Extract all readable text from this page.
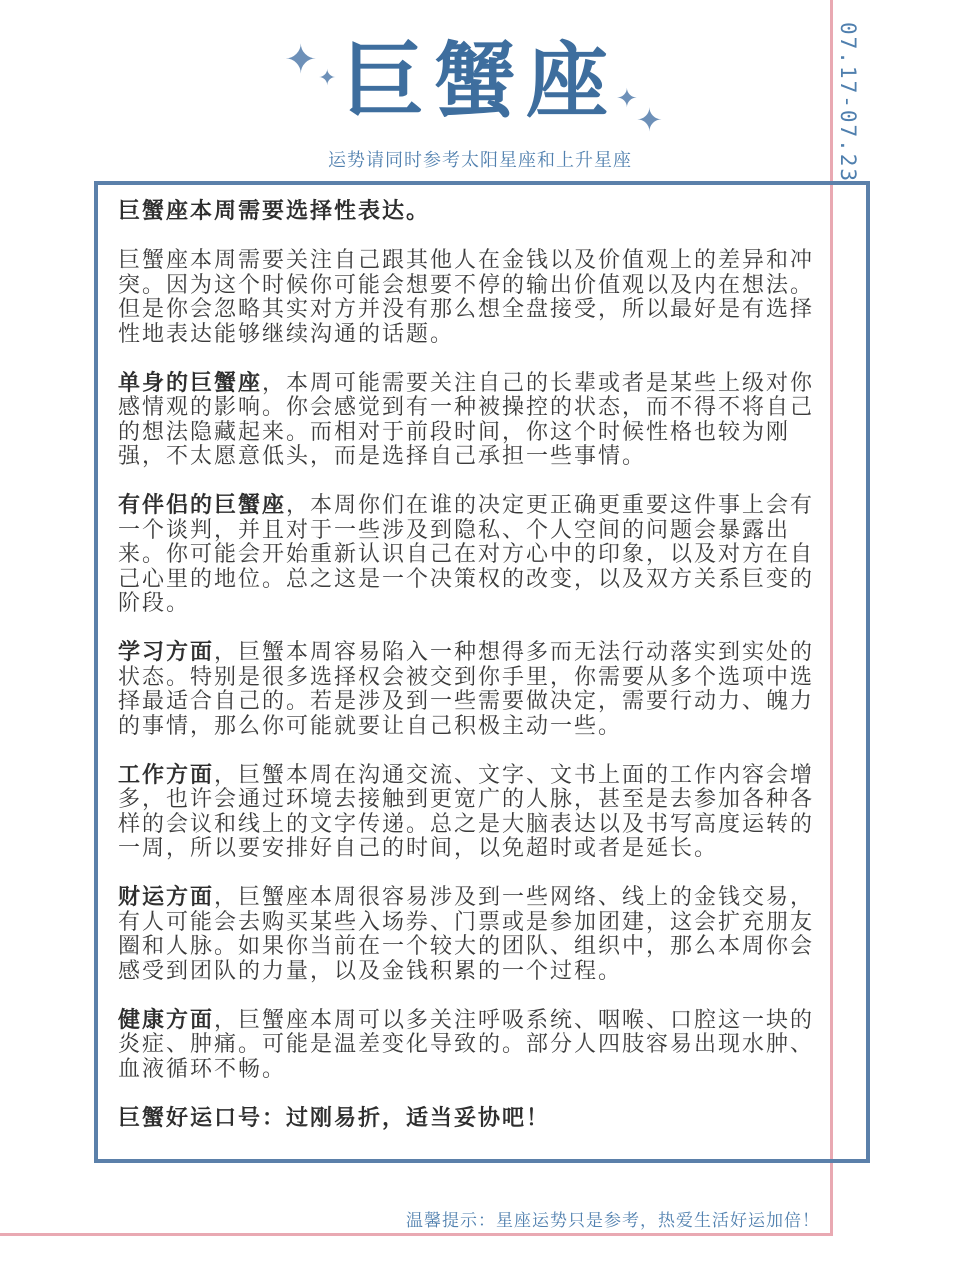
07.17-07.23
✦ ✦
✦
✦
巨蟹座
运势请同时参考太阳星座和上升星座

巨蟹座本周需要选择性表达。

巨蟹座本周需要关注自己跟其他人在金钱以及价值观上的差异和冲突。因为这个时候你可能会想要不停的输出价值观以及内在想法。但是你会忽略其实对方并没有那么想全盘接受，所以最好是有选择性地表达能够继续沟通的话题。

单身的巨蟹座，本周可能需要关注自己的长辈或者是某些上级对你感情观的影响。你会感觉到有一种被操控的状态，而不得不将自己的想法隐藏起来。而相对于前段时间，你这个时候性格也较为刚强，不太愿意低头，而是选择自己承担一些事情。

有伴侣的巨蟹座，本周你们在谁的决定更正确更重要这件事上会有一个谈判，并且对于一些涉及到隐私、个人空间的问题会暴露出来。你可能会开始重新认识自己在对方心中的印象，以及对方在自己心里的地位。总之这是一个决策权的改变，以及双方关系巨变的阶段。

学习方面，巨蟹本周容易陷入一种想得多而无法行动落实到实处的状态。特别是很多选择权会被交到你手里，你需要从多个选项中选择最适合自己的。若是涉及到一些需要做决定，需要行动力、魄力的事情，那么你可能就要让自己积极主动一些。

工作方面，巨蟹本周在沟通交流、文字、文书上面的工作内容会增多，也许会通过环境去接触到更宽广的人脉，甚至是去参加各种各样的会议和线上的文字传递。总之是大脑表达以及书写高度运转的一周，所以要安排好自己的时间，以免超时或者是延长。

财运方面，巨蟹座本周很容易涉及到一些网络、线上的金钱交易，有人可能会去购买某些入场券、门票或是参加团建，这会扩充朋友圈和人脉。如果你当前在一个较大的团队、组织中，那么本周你会感受到团队的力量，以及金钱积累的一个过程。

健康方面，巨蟹座本周可以多关注呼吸系统、咽喉、口腔这一块的炎症、肿痛。可能是温差变化导致的。部分人四肢容易出现水肿、血液循环不畅。

巨蟹好运口号：过刚易折，适当妥协吧！

温馨提示：星座运势只是参考，热爱生活好运加倍！
